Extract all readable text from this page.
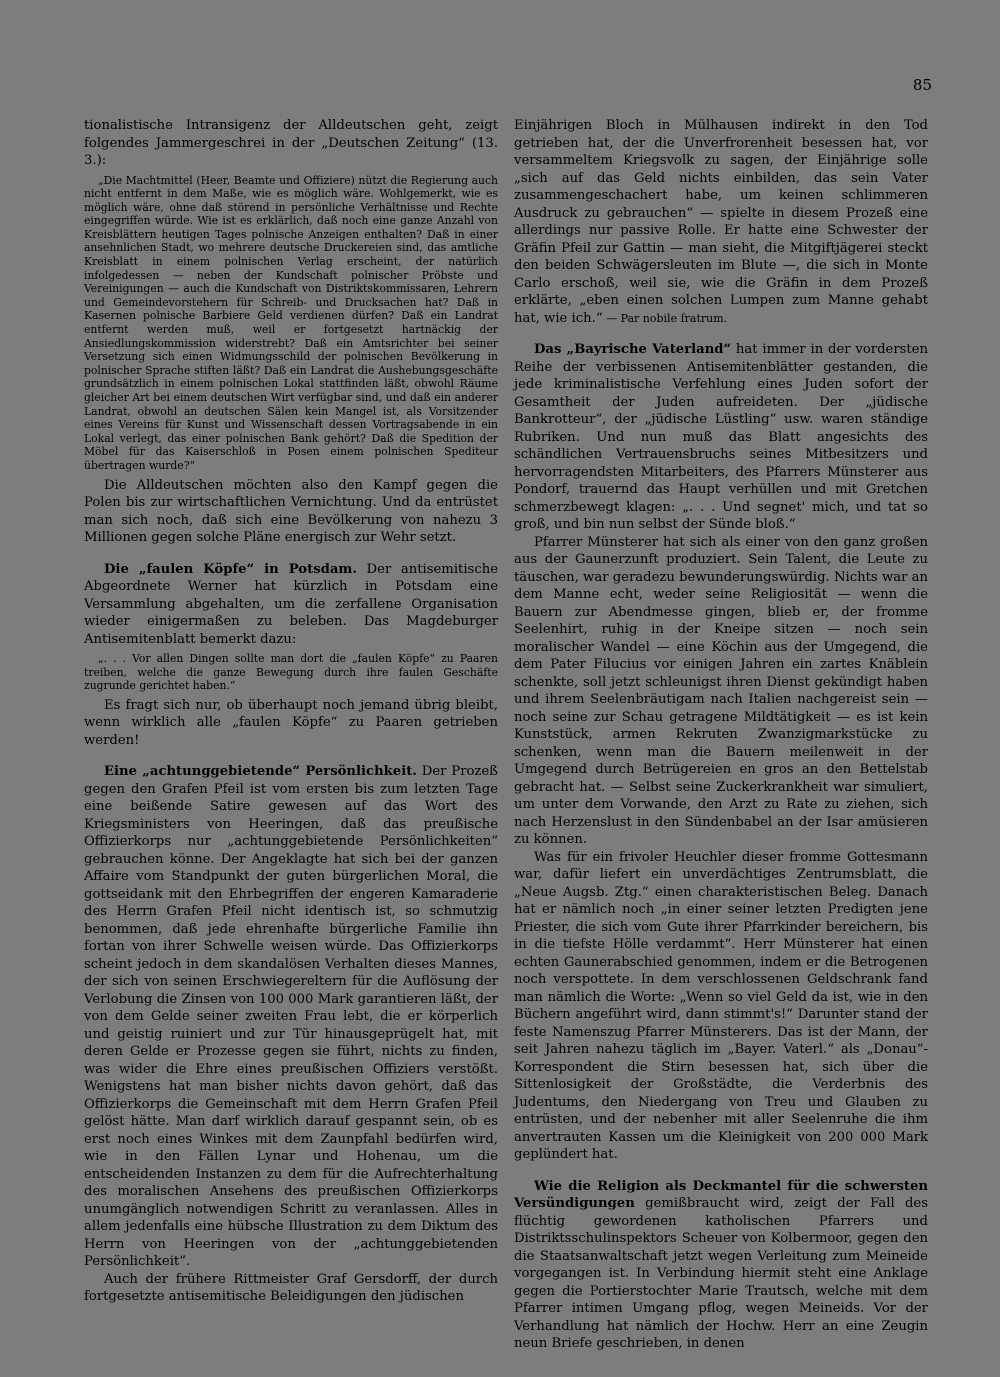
85

tionalistische Intransigenz der Alldeutschen geht, zeigt folgendes Jammergeschrei in der „Deutschen Zeitung“ (13. 3.):

„Die Machtmittel (Heer, Beamte und Offiziere) nützt die Regierung auch nicht entfernt in dem Maße, wie es möglich wäre. Wohlgemerkt, wie es möglich wäre, ohne daß störend in persönliche Verhältnisse und Rechte eingegriffen würde. Wie ist es erklärlich, daß noch eine ganze Anzahl von Kreisblättern heutigen Tages polnische Anzeigen enthalten? Daß in einer ansehnlichen Stadt, wo mehrere deutsche Druckereien sind, das amtliche Kreisblatt in einem polnischen Verlag erscheint, der natürlich infolgedessen — neben der Kundschaft polnischer Pröbste und Vereinigungen — auch die Kundschaft von Distriktskommissaren, Lehrern und Gemeindevorstehern für Schreib- und Drucksachen hat? Daß in Kasernen polnische Barbiere Geld verdienen dürfen? Daß ein Landrat entfernt werden muß, weil er fortgesetzt hartnäckig der Ansiedlungskommission widerstrebt? Daß ein Amtsrichter bei seiner Versetzung sich einen Widmungsschild der polnischen Bevölkerung in polnischer Sprache stiften läßt? Daß ein Landrat die Aushebungsgeschäfte grundsätzlich in einem polnischen Lokal stattfinden läßt, obwohl Räume gleicher Art bei einem deutschen Wirt verfügbar sind, und daß ein anderer Landrat, obwohl an deutschen Sälen kein Mangel ist, als Vorsitzender eines Vereins für Kunst und Wissenschaft dessen Vortragsabende in ein Lokal verlegt, das einer polnischen Bank gehört? Daß die Spedition der Möbel für das Kaiserschloß in Posen einem polnischen Spediteur übertragen wurde?“

Die Alldeutschen möchten also den Kampf gegen die Polen bis zur wirtschaftlichen Vernichtung. Und da entrüstet man sich noch, daß sich eine Bevölkerung von nahezu 3 Millionen gegen solche Pläne energisch zur Wehr setzt.

Die „faulen Köpfe“ in Potsdam. Der antisemitische Abgeordnete Werner hat kürzlich in Potsdam eine Versammlung abgehalten, um die zerfallene Organisation wieder einigermaßen zu beleben. Das Magdeburger Antisemitenblatt bemerkt dazu:

„. . . Vor allen Dingen sollte man dort die „faulen Köpfe“ zu Paaren treiben, welche die ganze Bewegung durch ihre faulen Geschäfte zugrunde gerichtet haben.“

Es fragt sich nur, ob überhaupt noch jemand übrig bleibt, wenn wirklich alle „faulen Köpfe“ zu Paaren getrieben werden!

Eine „achtunggebietende“ Persönlichkeit. Der Prozeß gegen den Grafen Pfeil ist vom ersten bis zum letzten Tage eine beißende Satire gewesen auf das Wort des Kriegsministers von Heeringen, daß das preußische Offizierkorps nur „achtunggebietende Persönlichkeiten“ gebrauchen könne. Der Angeklagte hat sich bei der ganzen Affaire vom Standpunkt der guten bürgerlichen Moral, die gottseidank mit den Ehrbegriffen der engeren Kamaraderie des Herrn Grafen Pfeil nicht identisch ist, so schmutzig benommen, daß jede ehrenhafte bürgerliche Familie ihn fortan von ihrer Schwelle weisen würde. Das Offizierkorps scheint jedoch in dem skandalösen Verhalten dieses Mannes, der sich von seinen Erschwiegereltern für die Auflösung der Verlobung die Zinsen von 100 000 Mark garantieren läßt, der von dem Gelde seiner zweiten Frau lebt, die er körperlich und geistig ruiniert und zur Tür hinausgeprügelt hat, mit deren Gelde er Prozesse gegen sie führt, nichts zu finden, was wider die Ehre eines preußischen Offiziers verstößt. Wenigstens hat man bisher nichts davon gehört, daß das Offizierkorps die Gemeinschaft mit dem Herrn Grafen Pfeil gelöst hätte. Man darf wirklich darauf gespannt sein, ob es erst noch eines Winkes mit dem Zaunpfahl bedürfen wird, wie in den Fällen Lynar und Hohenau, um die entscheidenden Instanzen zu dem für die Aufrechterhaltung des moralischen Ansehens des preußischen Offizierkorps unumgänglich notwendigen Schritt zu veranlassen. Alles in allem jedenfalls eine hübsche Illustration zu dem Diktum des Herrn von Heeringen von der „achtunggebietenden Persönlichkeit“.

Auch der frühere Rittmeister Graf Gersdorff, der durch fortgesetzte antisemitische Beleidigungen den jüdischen

Einjährigen Bloch in Mülhausen indirekt in den Tod getrieben hat, der die Unverfrorenheit besessen hat, vor versammeltem Kriegsvolk zu sagen, der Einjährige solle „sich auf das Geld nichts einbilden, das sein Vater zusammengeschachert habe, um keinen schlimmeren Ausdruck zu gebrauchen“ — spielte in diesem Prozeß eine allerdings nur passive Rolle. Er hatte eine Schwester der Gräfin Pfeil zur Gattin — man sieht, die Mitgiftjägerei steckt den beiden Schwägersleuten im Blute —, die sich in Monte Carlo erschoß, weil sie, wie die Gräfin in dem Prozeß erklärte, „eben einen solchen Lumpen zum Manne gehabt hat, wie ich.“ — Par nobile fratrum.

Das „Bayrische Vaterland“ hat immer in der vordersten Reihe der verbissenen Antisemitenblätter gestanden, die jede kriminalistische Verfehlung eines Juden sofort der Gesamtheit der Juden aufreideten. Der „jüdische Bankrotteur“, der „jüdische Lüstling“ usw. waren ständige Rubriken. Und nun muß das Blatt angesichts des schändlichen Vertrauensbruchs seines Mitbesitzers und hervorragendsten Mitarbeiters, des Pfarrers Münsterer aus Pondorf, trauernd das Haupt verhüllen und mit Gretchen schmerzbewegt klagen: „. . . Und segnet' mich, und tat so groß, und bin nun selbst der Sünde bloß.“

Pfarrer Münsterer hat sich als einer von den ganz großen aus der Gaunerzunft produziert. Sein Talent, die Leute zu täuschen, war geradezu bewunderungswürdig. Nichts war an dem Manne echt, weder seine Religiosität — wenn die Bauern zur Abendmesse gingen, blieb er, der fromme Seelenhirt, ruhig in der Kneipe sitzen — noch sein moralischer Wandel — eine Köchin aus der Umgegend, die dem Pater Filucius vor einigen Jahren ein zartes Knäblein schenkte, soll jetzt schleunigst ihren Dienst gekündigt haben und ihrem Seelenbräutigam nach Italien nachgereist sein — noch seine zur Schau getragene Mildtätigkeit — es ist kein Kunststück, armen Rekruten Zwanzigmarkstücke zu schenken, wenn man die Bauern meilenweit in der Umgegend durch Betrügereien en gros an den Bettelstab gebracht hat. — Selbst seine Zuckerkrankheit war simuliert, um unter dem Vorwande, den Arzt zu Rate zu ziehen, sich nach Herzenslust in den Sündenbabel an der Isar amüsieren zu können.

Was für ein frivoler Heuchler dieser fromme Gottesmann war, dafür liefert ein unverdächtiges Zentrumsblatt, die „Neue Augsb. Ztg.“ einen charakteristischen Beleg. Danach hat er nämlich noch „in einer seiner letzten Predigten jene Priester, die sich vom Gute ihrer Pfarrkinder bereichern, bis in die tiefste Hölle verdammt“. Herr Münsterer hat einen echten Gaunerabschied genommen, indem er die Betrogenen noch verspottete. In dem verschlossenen Geldschrank fand man nämlich die Worte: „Wenn so viel Geld da ist, wie in den Büchern angeführt wird, dann stimmt's!“ Darunter stand der feste Namenszug Pfarrer Münsterers. Das ist der Mann, der seit Jahren nahezu täglich im „Bayer. Vaterl.“ als „Donau“-Korrespondent die Stirn besessen hat, sich über die Sittenlosigkeit der Großstädte, die Verderbnis des Judentums, den Niedergang von Treu und Glauben zu entrüsten, und der nebenher mit aller Seelenruhe die ihm anvertrauten Kassen um die Kleinigkeit von 200 000 Mark geplündert hat.

Wie die Religion als Deckmantel für die schwersten Versündigungen gemißbraucht wird, zeigt der Fall des flüchtig gewordenen katholischen Pfarrers und Distriktsschulinspektors Scheuer von Kolbermoor, gegen den die Staatsanwaltschaft jetzt wegen Verleitung zum Meineide vorgegangen ist. In Verbindung hiermit steht eine Anklage gegen die Portierstochter Marie Trautsch, welche mit dem Pfarrer intimen Umgang pflog, wegen Meineids. Vor der Verhandlung hat nämlich der Hochw. Herr an eine Zeugin neun Briefe geschrieben, in denen
